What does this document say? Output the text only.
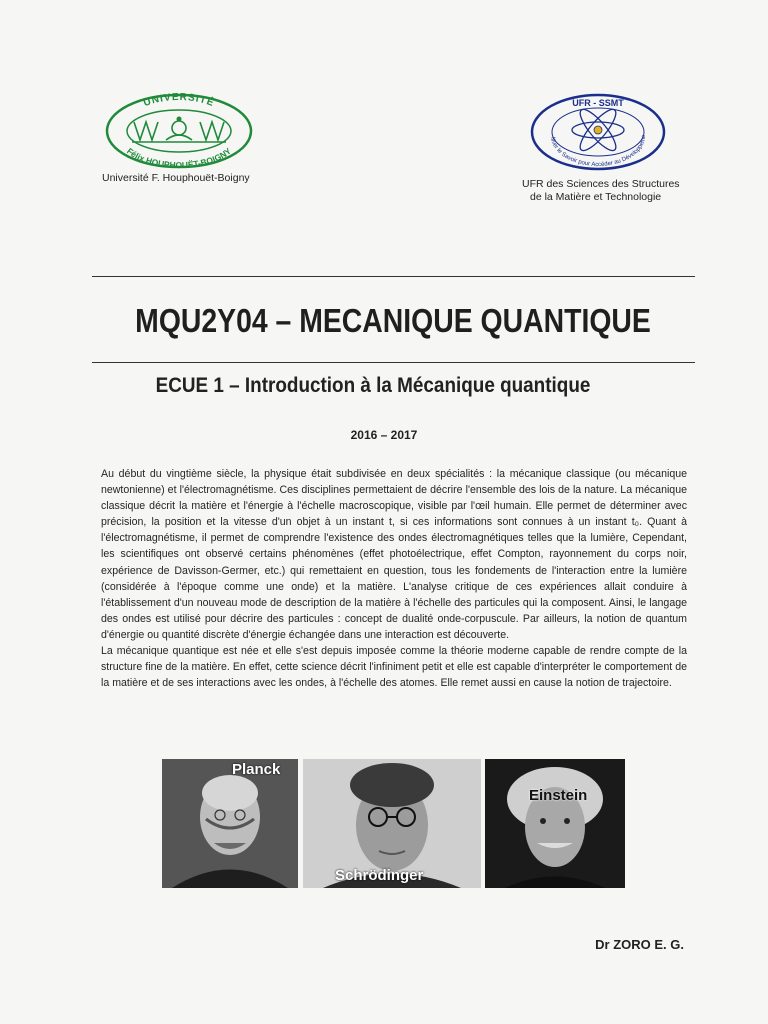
UNIVERSITÉ
Félix HOUPHOUËT-BOIGNY
Université F. Houphouët-Boigny
UFR - SSMT
ltiver le Savoir pour Accéder au Développeme
UFR des Sciences des Structures
de la Matière et Technologie
MQU2Y04 – MECANIQUE QUANTIQUE
ECUE 1 – Introduction à la Mécanique quantique
2016 – 2017

Au début du vingtième siècle, la physique était subdivisée en deux spécialités : la mécanique classique (ou mécanique newtonienne) et l'électromagnétisme. Ces disciplines permettaient de décrire l'ensemble des lois de la nature. La mécanique classique décrit la matière et l'énergie à l'échelle macroscopique, visible par l'œil humain. Elle permet de déterminer avec précision, la position et la vitesse d'un objet à un instant t, si ces informations sont connues à un instant t₀. Quant à l'électromagnétisme, il permet de comprendre l'existence des ondes électromagnétiques telles que la lumière, Cependant, les scientifiques ont observé certains phénomènes (effet photoélectrique, effet Compton, rayonnement du corps noir, expérience de Davisson-Germer, etc.) qui remettaient en question, tous les fondements de l'interaction entre la lumière (considérée à l'époque comme une onde) et la matière. L'analyse critique de ces expériences allait conduire à l'établissement d'un nouveau mode de description de la matière à l'échelle des particules qui la composent. Ainsi, le langage des ondes est utilisé pour décrire des particules : concept de dualité onde-corpuscule. Par ailleurs, la notion de quantum d'énergie ou quantité discrète d'énergie échangée dans une interaction est découverte.

La mécanique quantique est née et elle s'est depuis imposée comme la théorie moderne capable de rendre compte de la structure fine de la matière. En effet, cette science décrit l'infiniment petit et elle est capable d'interpréter le comportement de la matière et de ses interactions avec les ondes, à l'échelle des atomes. Elle remet aussi en cause la notion de trajectoire.

Planck
Schrödinger
Einstein
Dr ZORO E. G.
